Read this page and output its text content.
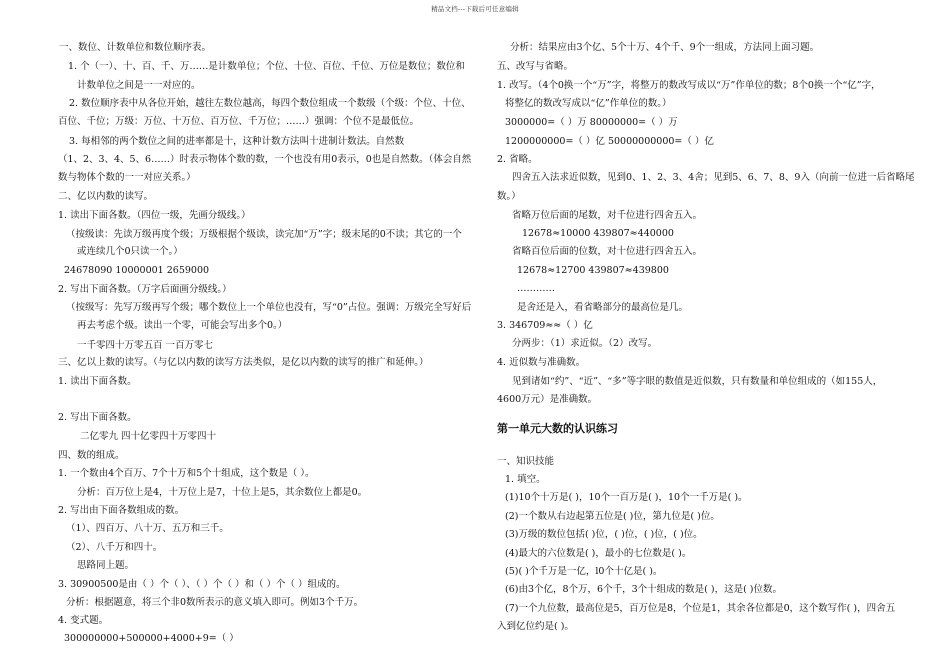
精品文档---下载后可任意编辑
一、数位、计数单位和数位顺序表。
1. 个（一）、十、百、千、万……是计数单位；个位、十位、百位、千位、万位是数位；数位和
计数单位之间是一一对应的。
2. 数位顺序表中从各位开始，越往左数位越高，每四个数位组成一个数级（个级：个位、十位、
百位、千位；万级：万位、十万位、百万位、千万位；……）强调：个位不是最低位。
3. 每相邻的两个数位之间的进率都是十，这种计数方法叫十进制计数法。自然数
（1、2、3、4、5、6……）时表示物体个数的数，一个也没有用0表示，0也是自然数。（体会自然
数与物体个数的一一对应关系。）
二、亿以内数的读写。
1. 读出下面各数。（四位一级，先画分级线。）
（按级读：先读万级再度个级；万级根据个级读，读完加“万”字；级末尾的0不读；其它的一个
或连续几个0只读一个。）
24678090 10000001 2659000
2. 写出下面各数。（万字后面画分级线。）
（按级写：先写万级再写个级；哪个数位上一个单位也没有，写“0”占位。强调：万级完全写好后
再去考虑个级。读出一个零，可能会写出多个0。）
一千零四十万零五百 一百万零七
三、亿以上数的读写。（与亿以内数的读写方法类似，是亿以内数的读写的推广和延伸。）
1. 读出下面各数。
2. 写出下面各数。
二亿零九 四十亿零四十万零四十
四、数的组成。
1. 一个数由4个百万、7个十万和5个十组成，这个数是（ ）。
分析：百万位上是4，十万位上是7，十位上是5，其余数位上都是0。
2. 写出由下面各数组成的数。
（1）、四百万、八十万、五万和三千。
（2）、八千万和四十。
思路同上题。
3. 30900500是由（ ）个（ ）、（ ）个（ ）和（ ）个（ ）组成的。
分析：根据题意，将三个非0数所表示的意义填入即可。例如3个千万。
4. 变式题。
300000000+500000+4000+9=（ ）
分析：结果应由3个亿、5个十万、4个千、9个一组成，方法同上面习题。
五、改写与省略。
1. 改写。（4个0换一个“万”字，将整万的数改写成以“万”作单位的数；8个0换一个“亿”字，
将整亿的数改写成以“亿”作单位的数。）
3000000=（ ）万 80000000=（ ）万
1200000000=（ ）亿 50000000000=（ ）亿
2. 省略。
四舍五入法求近似数，见到0、1、2、3、4舍；见到5、6、7、8、9入（向前一位进一后省略尾
数。）
省略万位后面的尾数，对千位进行四舍五入。
12678≈10000 439807≈440000
省略百位后面的位数，对十位进行四舍五入。
12678≈12700 439807≈439800
…………
是舍还是入，看省略部分的最高位是几。
3. 346709≈≈（ ）亿
分两步：（1）求近似。（2）改写。
4. 近似数与准确数。
见到诸如“约”、“近”、“多”等字眼的数值是近似数，只有数量和单位组成的（如155人，
4600万元）是准确数。
第一单元大数的认识练习
一、知识技能
1. 填空。
(1)10个十万是( )，10个一百万是( )，10个一千万是( )。
(2)一个数从右边起第五位是( )位，第九位是( )位。
(3)万级的数位包括( )位，( )位，( )位，( )位。
(4)最大的六位数是( )，最小的七位数是( )。
(5)( )个千万是一亿，l0个十亿是( )。
(6)由3个亿，8个万，6个千，3个十组成的数是( )，这是( )位数。
(7)一个九位数，最高位是5，百万位是8，个位是1，其余各位都是0，这个数写作( )，四舍五
入到亿位约是( )。
